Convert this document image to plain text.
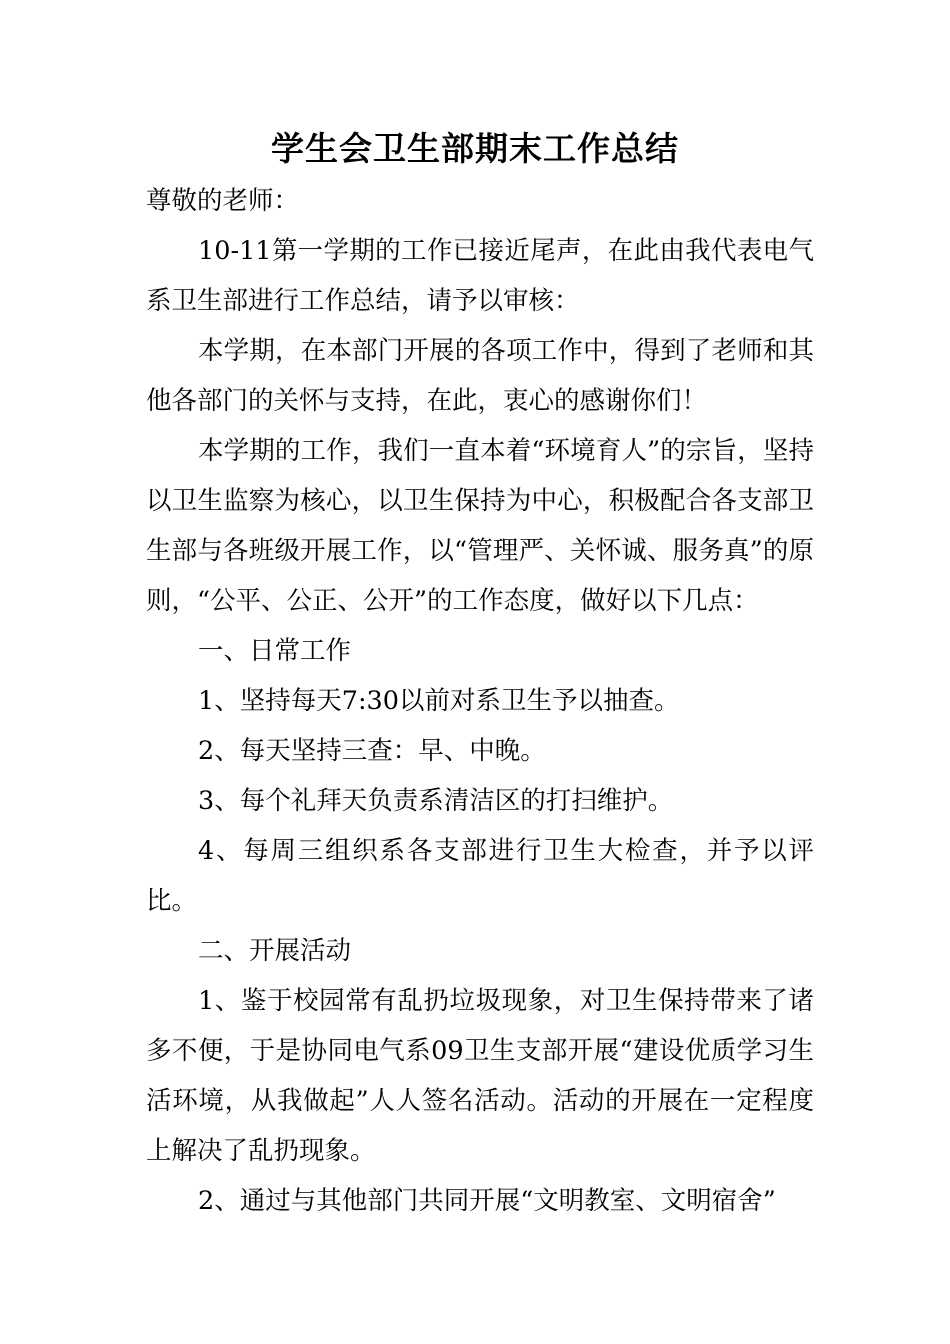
学生会卫生部期末工作总结

尊敬的老师：

10-11第一学期的工作已接近尾声，在此由我代表电气系卫生部进行工作总结，请予以审核：

本学期，在本部门开展的各项工作中，得到了老师和其他各部门的关怀与支持，在此，衷心的感谢你们！

本学期的工作，我们一直本着“环境育人”的宗旨，坚持以卫生监察为核心，以卫生保持为中心，积极配合各支部卫生部与各班级开展工作，以“管理严、关怀诚、服务真”的原则，“公平、公正、公开”的工作态度，做好以下几点：

一、日常工作

1、坚持每天7:30以前对系卫生予以抽查。

2、每天坚持三查：早、中晚。

3、每个礼拜天负责系清洁区的打扫维护。

4、每周三组织系各支部进行卫生大检查，并予以评比。

二、开展活动

1、鉴于校园常有乱扔垃圾现象，对卫生保持带来了诸多不便，于是协同电气系09卫生支部开展“建设优质学习生活环境，从我做起”人人签名活动。活动的开展在一定程度上解决了乱扔现象。

2、通过与其他部门共同开展“文明教室、文明宿舍”
